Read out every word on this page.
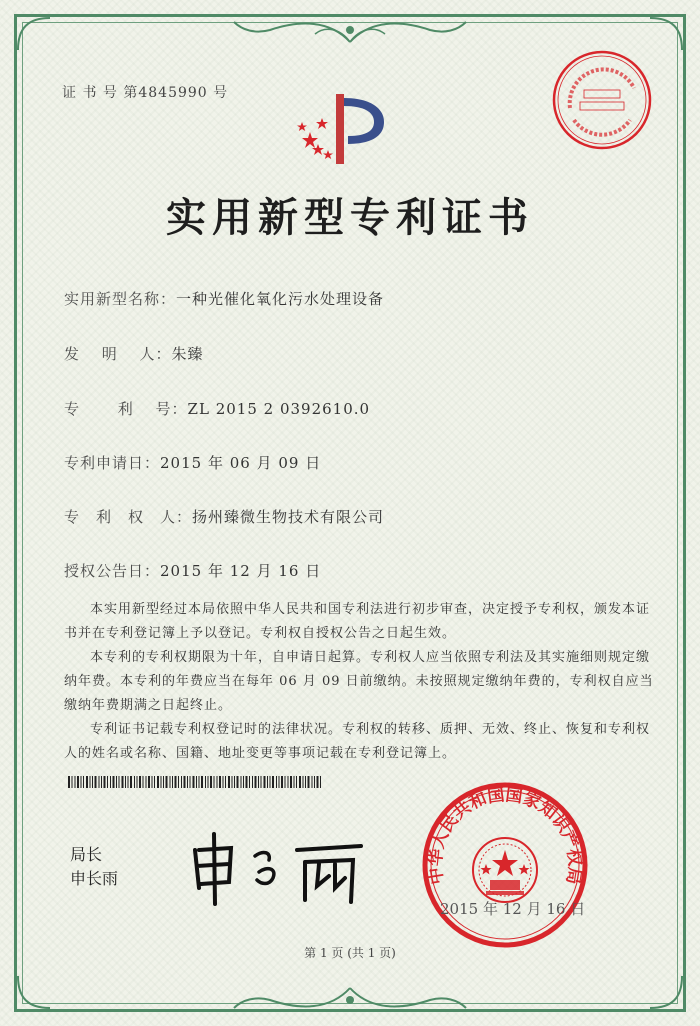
证 书 号 第4845990 号
实用新型专利证书
实用新型名称：一种光催化氧化污水处理设备
发　 明　 人：朱臻
专　　 利　 号：ZL 2015 2 0392610.0
专利申请日：2015 年 06 月 09 日
专　利　权　人：扬州臻微生物技术有限公司
授权公告日：2015 年 12 月 16 日

本实用新型经过本局依照中华人民共和国专利法进行初步审查，决定授予专利权，颁发本证书并在专利登记簿上予以登记。专利权自授权公告之日起生效。

本专利的专利权期限为十年，自申请日起算。专利权人应当依照专利法及其实施细则规定缴纳年费。本专利的年费应当在每年 06 月 09 日前缴纳。未按照规定缴纳年费的，专利权自应当缴纳年费期满之日起终止。

专利证书记载专利权登记时的法律状况。专利权的转移、质押、无效、终止、恢复和专利权人的姓名或名称、国籍、地址变更等事项记载在专利登记簿上。

局长
申长雨	中华人民共和国国家知识产权局
2015 年 12 月 16 日
第 1 页 (共 1 页)
